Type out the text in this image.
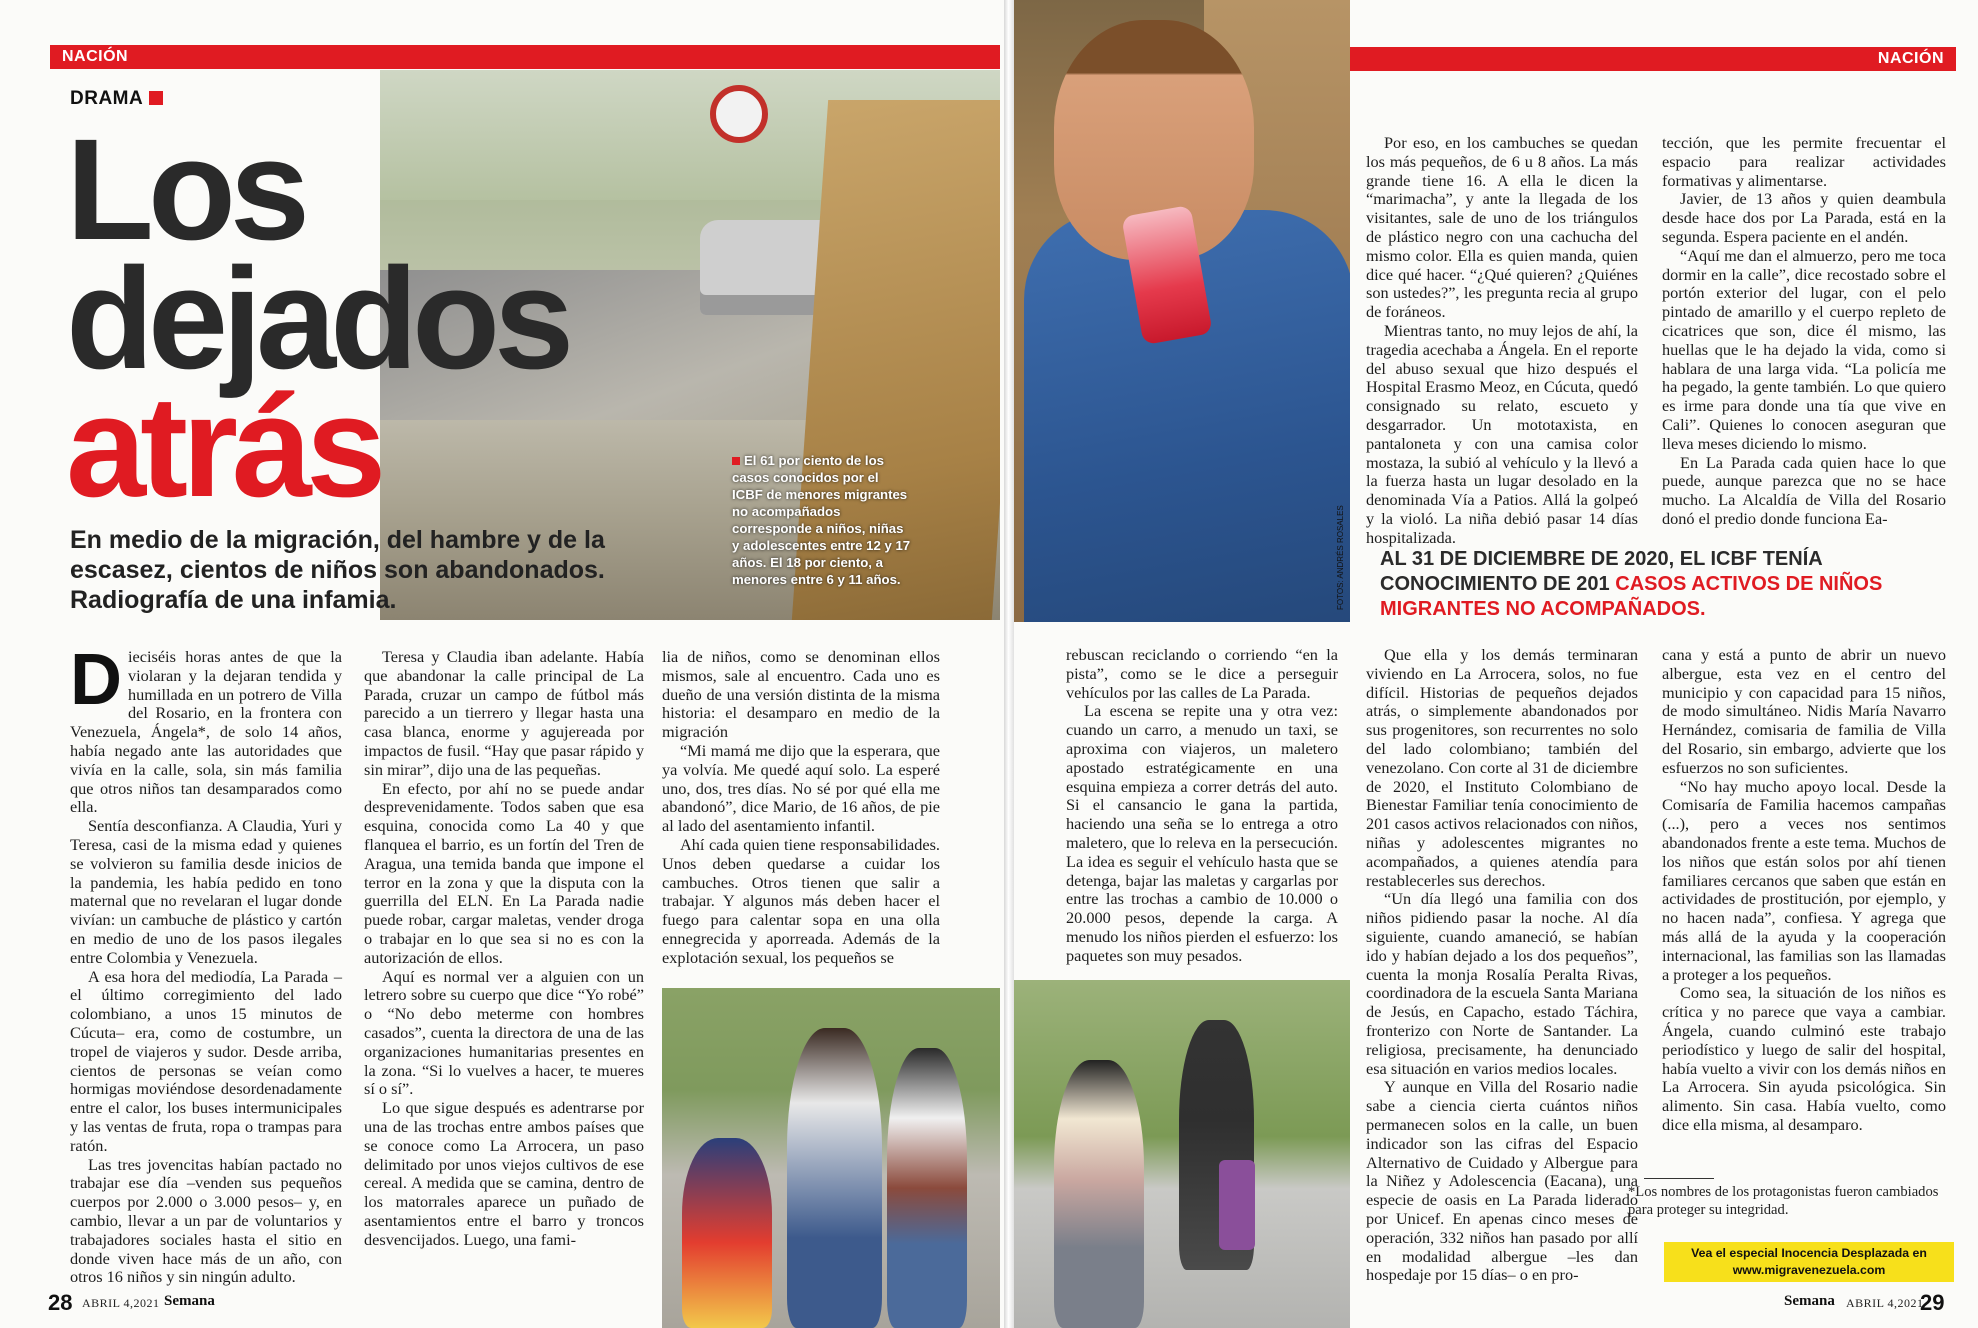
NACIÓN
DRAMA
Los
dejados
atrás	El 61 por ciento de los casos conocidos por el ICBF de menores migrantes no acompañados corresponde a niños, niñas y adolescentes entre 12 y 17 años. El 18 por ciento, a menores entre 6 y 11 años.
En medio de la migración, del hambre y de la escasez, cientos de niños son abandonados. Radiografía de una infamia.

Dieciséis horas antes de que la violaran y la dejaran tendida y humillada en un potrero de Villa del Rosario, en la frontera con Venezuela, Ángela*, de solo 14 años, había negado ante las autoridades que vivía en la calle, sola, sin más familia que otros niños tan desamparados como ella.

Sentía desconfianza. A Claudia, Yuri y Teresa, casi de la misma edad y quienes se volvieron su familia desde inicios de la pandemia, les había pedido en tono maternal que no revelaran el lugar donde vivían: un cambuche de plástico y cartón en medio de uno de los pasos ilegales entre Colombia y Venezuela.

A esa hora del mediodía, La Parada –el último corregimiento del lado colombiano, a unos 15 minutos de Cúcuta– era, como de costumbre, un tropel de viajeros y sudor. Desde arriba, cientos de personas se veían como hormigas moviéndose desordenadamente entre el calor, los buses intermunicipales y las ventas de fruta, ropa o trampas para ratón.

Las tres jovencitas habían pactado no trabajar ese día –venden sus pequeños cuerpos por 2.000 o 3.000 pesos– y, en cambio, llevar a un par de voluntarios y trabajadores sociales hasta el sitio en donde viven hace más de un año, con otros 16 niños y sin ningún adulto.

Teresa y Claudia iban adelante. Había que abandonar la calle principal de La Parada, cruzar un campo de fútbol más parecido a un tierrero y llegar hasta una casa blanca, enorme y agujereada por impactos de fusil. “Hay que pasar rápido y sin mirar”, dijo una de las pequeñas.

En efecto, por ahí no se puede andar desprevenidamente. Todos saben que esa esquina, conocida como La 40 y que flanquea el barrio, es un fortín del Tren de Aragua, una temida banda que impone el terror en la zona y que la disputa con la guerrilla del ELN. En La Parada nadie puede robar, cargar maletas, vender droga o trabajar en lo que sea si no es con la autorización de ellos.

Aquí es normal ver a alguien con un letrero sobre su cuerpo que dice “Yo robé” o “No debo meterme con hombres casados”, cuenta la directora de una de las organizaciones humanitarias presentes en la zona. “Si lo vuelves a hacer, te mueres sí o sí”.

Lo que sigue después es adentrarse por una de las trochas entre ambos países que se conoce como La Arrocera, un paso delimitado por unos viejos cultivos de ese cereal. A medida que se camina, dentro de los matorrales aparece un puñado de asentamientos entre el barro y troncos desvencijados. Luego, una fami-

lia de niños, como se denominan ellos mismos, sale al encuentro. Cada uno es dueño de una versión distinta de la misma historia: el desamparo en medio de la migración

“Mi mamá me dijo que la esperara, que ya volvía. Me quedé aquí solo. La esperé uno, dos, tres días. No sé por qué ella me abandonó”, dice Mario, de 16 años, de pie al lado del asentamiento infantil.

Ahí cada quien tiene responsabilidades. Unos deben quedarse a cuidar los cambuches. Otros tienen que salir a trabajar. Y algunos más deben hacer el fuego para calentar sopa en una olla ennegrecida y aporreada. Además de la explotación sexual, los pequeños se

28 ABRIL 4,2021 Semana
FOTOS: ANDRÉS ROSALES
NACIÓN

Por eso, en los cambuches se quedan los más pequeños, de 6 u 8 años. La más grande tiene 16. A ella le dicen la “marimacha”, y ante la llegada de los visitantes, sale de uno de los triángulos de plástico negro con una cachucha del mismo color. Ella es quien manda, quien dice qué hacer. “¿Qué quieren? ¿Quiénes son ustedes?”, les pregunta recia al grupo de foráneos.

Mientras tanto, no muy lejos de ahí, la tragedia acechaba a Ángela. En el reporte del abuso sexual que hizo después el Hospital Erasmo Meoz, en Cúcuta, quedó consignado su relato, escueto y desgarrador. Un mototaxista, en pantaloneta y con una camisa color mostaza, la subió al vehículo y la llevó a la fuerza hasta un lugar desolado en la denominada Vía a Patios. Allá la golpeó y la violó. La niña debió pasar 14 días hospitalizada.

tección, que les permite frecuentar el espacio para realizar actividades formativas y alimentarse.

Javier, de 13 años y quien deambula desde hace dos por La Parada, está en la segunda. Espera paciente en el andén.

“Aquí me dan el almuerzo, pero me toca dormir en la calle”, dice recostado sobre el portón exterior del lugar, con el pelo pintado de amarillo y el cuerpo repleto de cicatrices que son, dice él mismo, las huellas que le ha dejado la vida, como si hablara de una larga vida. “La policía me ha pegado, la gente también. Lo que quiero es irme para donde una tía que vive en Cali”. Quienes lo conocen aseguran que lleva meses diciendo lo mismo.

En La Parada cada quien hace lo que puede, aunque parezca que no se hace mucho. La Alcaldía de Villa del Rosario donó el predio donde funciona Ea-

AL 31 DE DICIEMBRE DE 2020, EL ICBF TENÍA CONOCIMIENTO DE 201 CASOS ACTIVOS DE NIÑOS MIGRANTES NO ACOMPAÑADOS.

rebuscan reciclando o corriendo “en la pista”, como se le dice a perseguir vehículos por las calles de La Parada.

La escena se repite una y otra vez: cuando un carro, a menudo un taxi, se aproxima con viajeros, un maletero apostado estratégicamente en una esquina empieza a correr detrás del auto. Si el cansancio le gana la partida, haciendo una seña se lo entrega a otro maletero, que lo releva en la persecución. La idea es seguir el vehículo hasta que se detenga, bajar las maletas y cargarlas por entre las trochas a cambio de 10.000 o 20.000 pesos, depende la carga. A menudo los niños pierden el esfuerzo: los paquetes son muy pesados.

Que ella y los demás terminaran viviendo en La Arrocera, solos, no fue difícil. Historias de pequeños dejados atrás, o simplemente abandonados por sus progenitores, son recurrentes no solo del lado colombiano; también del venezolano. Con corte al 31 de diciembre de 2020, el Instituto Colombiano de Bienestar Familiar tenía conocimiento de 201 casos activos relacionados con niños, niñas y adolescentes migrantes no acompañados, a quienes atendía para restablecerles sus derechos.

“Un día llegó una familia con dos niños pidiendo pasar la noche. Al día siguiente, cuando amaneció, se habían ido y habían dejado a los dos pequeños”, cuenta la monja Rosalía Peralta Rivas, coordinadora de la escuela Santa Mariana de Jesús, en Capacho, estado Táchira, fronterizo con Norte de Santander. La religiosa, precisamente, ha denunciado esa situación en varios medios locales.

Y aunque en Villa del Rosario nadie sabe a ciencia cierta cuántos niños permanecen solos en la calle, un buen indicador son las cifras del Espacio Alternativo de Cuidado y Albergue para la Niñez y Adolescencia (Eacana), una especie de oasis en La Parada liderado por Unicef. En apenas cinco meses de operación, 332 niños han pasado por allí en modalidad albergue –les dan hospedaje por 15 días– o en pro-

cana y está a punto de abrir un nuevo albergue, esta vez en el centro del municipio y con capacidad para 15 niños, de modo simultáneo. Nidis María Navarro Hernández, comisaria de familia de Villa del Rosario, sin embargo, advierte que los esfuerzos no son suficientes.

“No hay mucho apoyo local. Desde la Comisaría de Familia hacemos campañas (...), pero a veces nos sentimos abandonados frente a este tema. Muchos de los niños que están solos por ahí tienen familiares cercanos que saben que están en actividades de prostitución, por ejemplo, y no hacen nada”, confiesa. Y agrega que más allá de la ayuda y la cooperación internacional, las familias son las llamadas a proteger a los pequeños.

Como sea, la situación de los niños es crítica y no parece que vaya a cambiar. Ángela, cuando culminó este trabajo periodístico y luego de salir del hospital, había vuelto a vivir con los demás niños en La Arrocera. Sin ayuda psicológica. Sin alimento. Sin casa. Había vuelto, como dice ella misma, al desamparo.

*Los nombres de los protagonistas fueron cambiados para proteger su integridad.
Vea el especial Inocencia Desplazada en
www.migravenezuela.com
Semana ABRIL 4,2021
29
